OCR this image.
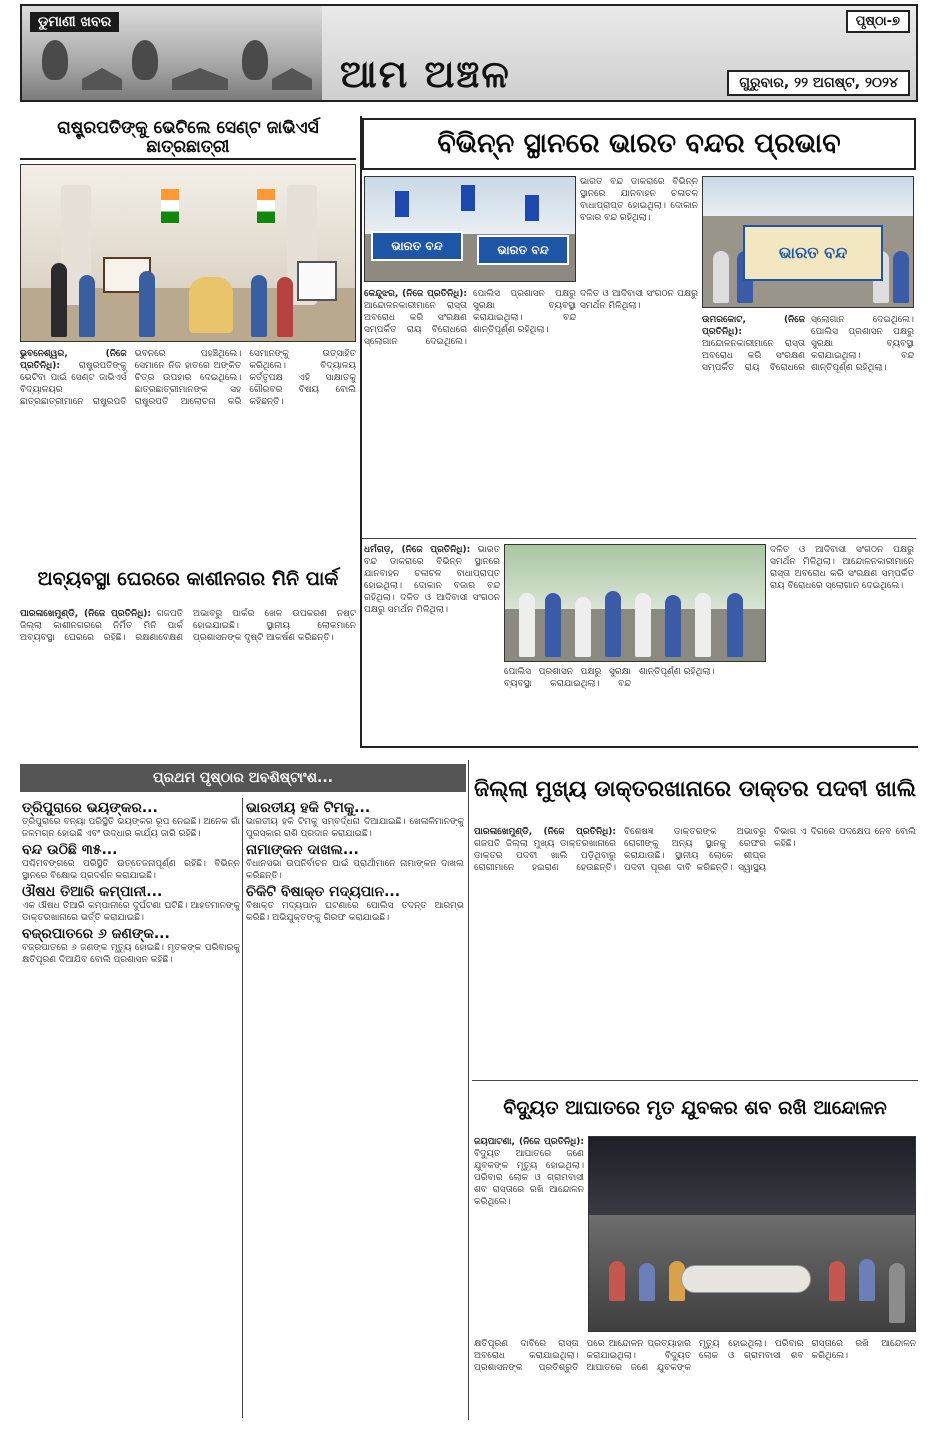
ଡୁମାଣୀ ଖବର
ଆମ ଅଞ୍ଚଳ
ପୃଷ୍ଠା-୭
ଗୁରୁବାର, ୨୨ ଅଗଷ୍ଟ, ୨୦୨୪
ରାଷ୍ଟ୍ରପତିଙ୍କୁ ଭେଟିଲେ ସେଣ୍ଟ ଜାଭିଏର୍ସ ଛାତ୍ରଛାତ୍ରୀ
ଭୁବନେଶ୍ୱର, (ନିଜେ ପ୍ରତିନିଧି): ରାଷ୍ଟ୍ରପତିଙ୍କୁ ଭେଟିବା ପାଇଁ ସେଣ୍ଟ ଜାଭିଏର୍ସ ବିଦ୍ୟାଳୟର ଛାତ୍ରଛାତ୍ରୀମାନେ ରାଷ୍ଟ୍ରପତି ଭବନରେ ପହଞ୍ଚିଥିଲେ। ସେମାନେ ନିଜ ହାତରେ ଅଙ୍କିତ ଚିତ୍ର ଉପହାର ଦେଇଥିଲେ। ଛାତ୍ରଛାତ୍ରୀମାନଙ୍କ ସହ ରାଷ୍ଟ୍ରପତି ଆଲୋଚନା କରି ସେମାନଙ୍କୁ ଉତ୍ସାହିତ କରିଥିଲେ।	ବିଦ୍ୟାଳୟ କର୍ତ୍ତୃପକ୍ଷ ଏହି ସାକ୍ଷାତକୁ ଗୌରବର ବିଷୟ ବୋଲି କହିଛନ୍ତି।
ଅବ୍ୟବସ୍ଥା ଘେରରେ କାଶୀନଗର ମିନି ପାର୍କ
ପାରଳାଖେମୁଣ୍ଡି, (ନିଜେ ପ୍ରତିନିଧି): ଗଜପତି ଜିଲ୍ଲା କାଶୀନଗରରେ ନିର୍ମିତ ମିନି ପାର୍କ ଅବ୍ୟବସ୍ଥା ଘେରରେ ରହିଛି। ରକ୍ଷଣାବେକ୍ଷଣ ଅଭାବରୁ ପାର୍କର ଖେଳ ଉପକରଣ ନଷ୍ଟ ହୋଇଯାଇଛି।	ସ୍ଥାନୀୟ ଲୋକମାନେ ପ୍ରଶାସନଙ୍କ ଦୃଷ୍ଟି ଆକର୍ଷଣ କରିଛନ୍ତି।
ବିଭିନ୍ନ ସ୍ଥାନରେ ଭାରତ ବନ୍ଦର ପ୍ରଭାବ
ଭାରତ ବନ୍ଦ	ଭାରତ ବନ୍ଦ
ଭାରତ ବନ୍ଦ ଡାକରାରେ ବିଭିନ୍ନ ସ୍ଥାନରେ ଯାନବାହନ ଚଳାଚଳ ବାଧାପ୍ରାପ୍ତ ହୋଇଥିଲା। ଦୋକାନ ବଜାର ବନ୍ଦ ରହିଥିଲା।
ଭାରତ ବନ୍ଦ
କେନ୍ଦୁଝର, (ନିଜେ ପ୍ରତିନିଧି): ଆନ୍ଦୋଳନକାରୀମାନେ ରାସ୍ତା ଅବରୋଧ କରି ସଂରକ୍ଷଣ ସମ୍ପର୍କିତ ରାୟ ବିରୋଧରେ ସ୍ଲୋଗାନ ଦେଇଥିଲେ। ପୋଲିସ ପ୍ରଶାସନ ପକ୍ଷରୁ ସୁରକ୍ଷା ବ୍ୟବସ୍ଥା କରାଯାଇଥିଲା। ବନ୍ଦ ଶାନ୍ତିପୂର୍ଣ୍ଣ ରହିଥିଲା।
ଦଳିତ ଓ ଆଦିବାସୀ ସଂଗଠନ ପକ୍ଷରୁ ସମର୍ଥନ ମିଳିଥିଲା।
ଉମରକୋଟ, (ନିଜେ ପ୍ରତିନିଧି): ଆନ୍ଦୋଳନକାରୀମାନେ ରାସ୍ତା ଅବରୋଧ କରି ସଂରକ୍ଷଣ ସମ୍ପର୍କିତ ରାୟ ବିରୋଧରେ ସ୍ଲୋଗାନ ଦେଇଥିଲେ। ପୋଲିସ ପ୍ରଶାସନ ପକ୍ଷରୁ ସୁରକ୍ଷା ବ୍ୟବସ୍ଥା କରାଯାଇଥିଲା। ବନ୍ଦ ଶାନ୍ତିପୂର୍ଣ୍ଣ ରହିଥିଲା।
ଧର୍ମଗଡ଼, (ନିଜେ ପ୍ରତିନିଧି): ଭାରତ ବନ୍ଦ ଡାକରାରେ ବିଭିନ୍ନ ସ୍ଥାନରେ ଯାନବାହନ ଚଳାଚଳ ବାଧାପ୍ରାପ୍ତ ହୋଇଥିଲା। ଦୋକାନ ବଜାର ବନ୍ଦ ରହିଥିଲା। ଦଳିତ ଓ ଆଦିବାସୀ ସଂଗଠନ ପକ୍ଷରୁ ସମର୍ଥନ ମିଳିଥିଲା।
ପୋଲିସ ପ୍ରଶାସନ ପକ୍ଷରୁ ସୁରକ୍ଷା ବ୍ୟବସ୍ଥା କରାଯାଇଥିଲା। ବନ୍ଦ ଶାନ୍ତିପୂର୍ଣ୍ଣ ରହିଥିଲା।
ଦଳିତ ଓ ଆଦିବାସୀ ସଂଗଠନ ପକ୍ଷରୁ ସମର୍ଥନ ମିଳିଥିଲା। ଆନ୍ଦୋଳନକାରୀମାନେ ରାସ୍ତା ଅବରୋଧ କରି ସଂରକ୍ଷଣ ସମ୍ପର୍କିତ ରାୟ ବିରୋଧରେ ସ୍ଲୋଗାନ ଦେଇଥିଲେ।
ପ୍ରଥମ ପୃଷ୍ଠାର ଅବଶିଷ୍ଟାଂଶ...
ତ୍ରିପୁରାରେ ଭୟଙ୍କର...
ତ୍ରିପୁରାରେ ବନ୍ୟା ପରିସ୍ଥିତି ଭୟଙ୍କର ରୂପ ନେଇଛି। ଅନେକ ଗାଁ ଜଳମଗ୍ନ ହୋଇଛି ଏବଂ ଉଦ୍ଧାର କାର୍ଯ୍ୟ ଜାରି ରହିଛି।
ବନ୍ଦ ଉଠିଛି ୩୫...
ପଶ୍ଚିମବଙ୍ଗରେ ପରିସ୍ଥିତି ଉତ୍ତେଜନାପୂର୍ଣ୍ଣ ରହିଛି। ବିଭିନ୍ନ ସ୍ଥାନରେ ବିକ୍ଷୋଭ ପ୍ରଦର୍ଶନ କରାଯାଇଛି।
ଔଷଧ ତିଆରି କମ୍ପାନୀ...
ଏକ ଔଷଧ ତିଆରି କମ୍ପାନୀରେ ଦୁର୍ଘଟଣା ଘଟିଛି। ଆହତମାନଙ୍କୁ ଡାକ୍ତରଖାନାରେ ଭର୍ତ୍ତି କରାଯାଇଛି।
ବଜ୍ରପାତରେ ୬ ଜଣଙ୍କ...
ବଜ୍ରପାତରେ ୬ ଜଣଙ୍କ ମୃତ୍ୟୁ ହୋଇଛି। ମୃତକଙ୍କ ପରିବାରକୁ କ୍ଷତିପୂରଣ ଦିଆଯିବ ବୋଲି ପ୍ରଶାସନ କହିଛି।
ଭାରତୀୟ ହକି ଟିମକୁ...
ଭାରତୀୟ ହକି ଟିମକୁ ସମ୍ବର୍ଦ୍ଧନା ଦିଆଯାଇଛି। ଖେଳାଳିମାନଙ୍କୁ ପୁରସ୍କାର ରାଶି ପ୍ରଦାନ କରାଯାଇଛି।
ନାମାଙ୍କନ ଦାଖଲ...
ବିଧାନସଭା ଉପନିର୍ବାଚନ ପାଇଁ ପ୍ରାର୍ଥୀମାନେ ନାମାଙ୍କନ ଦାଖଲ କରିଛନ୍ତି।
ଚିକିଟି ବିଷାକ୍ତ ମଦ୍ୟପାନ...
ବିଷାକ୍ତ ମଦ୍ୟପାନ ଘଟଣାରେ ପୋଲିସ ତଦନ୍ତ ଆରମ୍ଭ କରିଛି। ଅଭିଯୁକ୍ତଙ୍କୁ ଗିରଫ କରାଯାଇଛି।
ଜିଲ୍ଲା ମୁଖ୍ୟ ଡାକ୍ତରଖାନାରେ ଡାକ୍ତର ପଦବୀ ଖାଲି
ପାରଳାଖେମୁଣ୍ଡି, (ନିଜେ ପ୍ରତିନିଧି): ଗଜପତି ଜିଲ୍ଲା ମୁଖ୍ୟ ଡାକ୍ତରଖାନାରେ ଡାକ୍ତର ପଦବୀ ଖାଲି ପଡ଼ିଥିବାରୁ ରୋଗୀମାନେ ହଇରାଣ ହେଉଛନ୍ତି। ବିଶେଷଜ୍ଞ ଡାକ୍ତରଙ୍କ ଅଭାବରୁ ରୋଗୀଙ୍କୁ ଅନ୍ୟ ସ୍ଥାନକୁ ରେଫର କରାଯାଉଛି। ସ୍ଥାନୀୟ ଲୋକେ ଶୀଘ୍ର ପଦବୀ ପୂରଣ ଦାବି କରିଛନ୍ତି। ସ୍ୱାସ୍ଥ୍ୟ ବିଭାଗ ଏ ଦିଗରେ ପଦକ୍ଷେପ ନେବ ବୋଲି କହିଛି।
ବିଦ୍ୟୁତ ଆଘାତରେ ମୃତ ଯୁବକର ଶବ ରଖି ଆନ୍ଦୋଳନ
ଜୟପାଟଣା, (ନିଜେ ପ୍ରତିନିଧି): ବିଦ୍ୟୁତ ଆଘାତରେ ଜଣେ ଯୁବକଙ୍କ ମୃତ୍ୟୁ ହୋଇଥିଲା। ପରିବାର ଲୋକ ଓ ଗ୍ରାମବାସୀ ଶବ ରାସ୍ତାରେ ରଖି ଆନ୍ଦୋଳନ କରିଥିଲେ।
କ୍ଷତିପୂରଣ ଦାବିରେ ରାସ୍ତା ଅବରୋଧ କରାଯାଇଥିଲା। ପ୍ରଶାସନଙ୍କ ପ୍ରତିଶ୍ରୁତି ପରେ ଆନ୍ଦୋଳନ ପ୍ରତ୍ୟାହାର କରାଯାଇଥିଲା।	ବିଦ୍ୟୁତ ଆଘାତରେ ଜଣେ ଯୁବକଙ୍କ ମୃତ୍ୟୁ ହୋଇଥିଲା। ପରିବାର ଲୋକ ଓ ଗ୍ରାମବାସୀ ଶବ ରାସ୍ତାରେ ରଖି ଆନ୍ଦୋଳନ କରିଥିଲେ।
